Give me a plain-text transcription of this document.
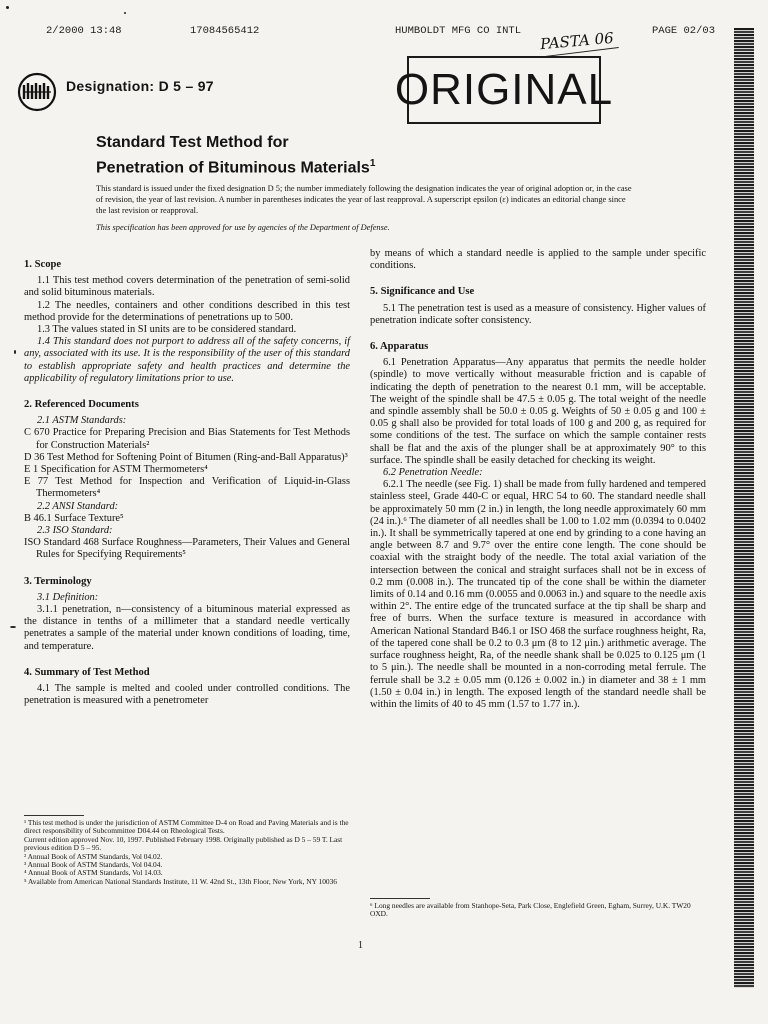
2/2000 13:48	17084565412	HUMBOLDT MFG CO INTL	PAGE 02/03
PASTA 06
ORIGINAL
Designation: D 5 – 97
Standard Test Method for
Penetration of Bituminous Materials$^1$
This standard is issued under the fixed designation D 5; the number immediately following the designation indicates the year of original adoption or, in the case of revision, the year of last revision. A number in parentheses indicates the year of last reapproval. A superscript epsilon (ε) indicates an editorial change since the last revision or reapproval.
This specification has been approved for use by agencies of the Department of Defense.
1. Scope

1.1 This test method covers determination of the penetration of semi-solid and solid bituminous materials.

1.2 The needles, containers and other conditions described in this test method provide for the determinations of penetrations up to 500.

1.3 The values stated in SI units are to be considered standard.

1.4 This standard does not purport to address all of the safety concerns, if any, associated with its use. It is the responsibility of the user of this standard to establish appropriate safety and health practices and determine the applicability of regulatory limitations prior to use.

2. Referenced Documents

2.1 ASTM Standards:

C 670 Practice for Preparing Precision and Bias Statements for Test Methods for Construction Materials²

D 36 Test Method for Softening Point of Bitumen (Ring-and-Ball Apparatus)³

E 1 Specification for ASTM Thermometers⁴

E 77 Test Method for Inspection and Verification of Liquid-in-Glass Thermometers⁴

2.2 ANSI Standard:

B 46.1 Surface Texture⁵

2.3 ISO Standard:

ISO Standard 468 Surface Roughness—Parameters, Their Values and General Rules for Specifying Requirements⁵

3. Terminology

3.1 Definition:

3.1.1 penetration, n—consistency of a bituminous material expressed as the distance in tenths of a millimeter that a standard needle vertically penetrates a sample of the material under known conditions of loading, time, and temperature.

4. Summary of Test Method

4.1 The sample is melted and cooled under controlled conditions. The penetration is measured with a penetrometer

by means of which a standard needle is applied to the sample under specific conditions.

5. Significance and Use

5.1 The penetration test is used as a measure of consistency. Higher values of penetration indicate softer consistency.

6. Apparatus

6.1 Penetration Apparatus—Any apparatus that permits the needle holder (spindle) to move vertically without measurable friction and is capable of indicating the depth of penetration to the nearest 0.1 mm, will be acceptable. The weight of the spindle shall be 47.5 ± 0.05 g. The total weight of the needle and spindle assembly shall be 50.0 ± 0.05 g. Weights of 50 ± 0.05 g and 100 ± 0.05 g shall also be provided for total loads of 100 g and 200 g, as required for some conditions of the test. The surface on which the sample container rests shall be flat and the axis of the plunger shall be at approximately 90° to this surface. The spindle shall be easily detached for checking its weight.

6.2 Penetration Needle:

6.2.1 The needle (see Fig. 1) shall be made from fully hardened and tempered stainless steel, Grade 440-C or equal, HRC 54 to 60. The standard needle shall be approximately 50 mm (2 in.) in length, the long needle approximately 60 mm (24 in.).⁶ The diameter of all needles shall be 1.00 to 1.02 mm (0.0394 to 0.0402 in.). It shall be symmetrically tapered at one end by grinding to a cone having an angle between 8.7 and 9.7° over the entire cone length. The cone should be coaxial with the straight body of the needle. The total axial variation of the intersection between the conical and straight surfaces shall not be in excess of 0.2 mm (0.008 in.). The truncated tip of the cone shall be within the diameter limits of 0.14 and 0.16 mm (0.0055 and 0.0063 in.) and square to the needle axis within 2°. The entire edge of the truncated surface at the tip shall be sharp and free of burrs. When the surface texture is measured in accordance with American National Standard B46.1 or ISO 468 the surface roughness height, Ra, of the tapered cone shall be 0.2 to 0.3 μm (8 to 12 μin.) arithmetic average. The surface roughness height, Ra, of the needle shank shall be 0.025 to 0.125 μm (1 to 5 μin.). The needle shall be mounted in a non-corroding metal ferrule. The ferrule shall be 3.2 ± 0.05 mm (0.126 ± 0.002 in.) in diameter and 38 ± 1 mm (1.50 ± 0.04 in.) in length. The exposed length of the standard needle shall be within the limits of 40 to 45 mm (1.57 to 1.77 in.).

¹ This test method is under the jurisdiction of ASTM Committee D-4 on Road and Paving Materials and is the direct responsibility of Subcommittee D04.44 on Rheological Tests.

Current edition approved Nov. 10, 1997. Published February 1998. Originally published as D 5 – 59 T. Last previous edition D 5 – 95.

² Annual Book of ASTM Standards, Vol 04.02.

³ Annual Book of ASTM Standards, Vol 04.04.

⁴ Annual Book of ASTM Standards, Vol 14.03.

⁵ Available from American National Standards Institute, 11 W. 42nd St., 13th Floor, New York, NY 10036

⁶ Long needles are available from Stanhope-Seta, Park Close, Englefield Green, Egham, Surrey, U.K. TW20 OXD.

1
